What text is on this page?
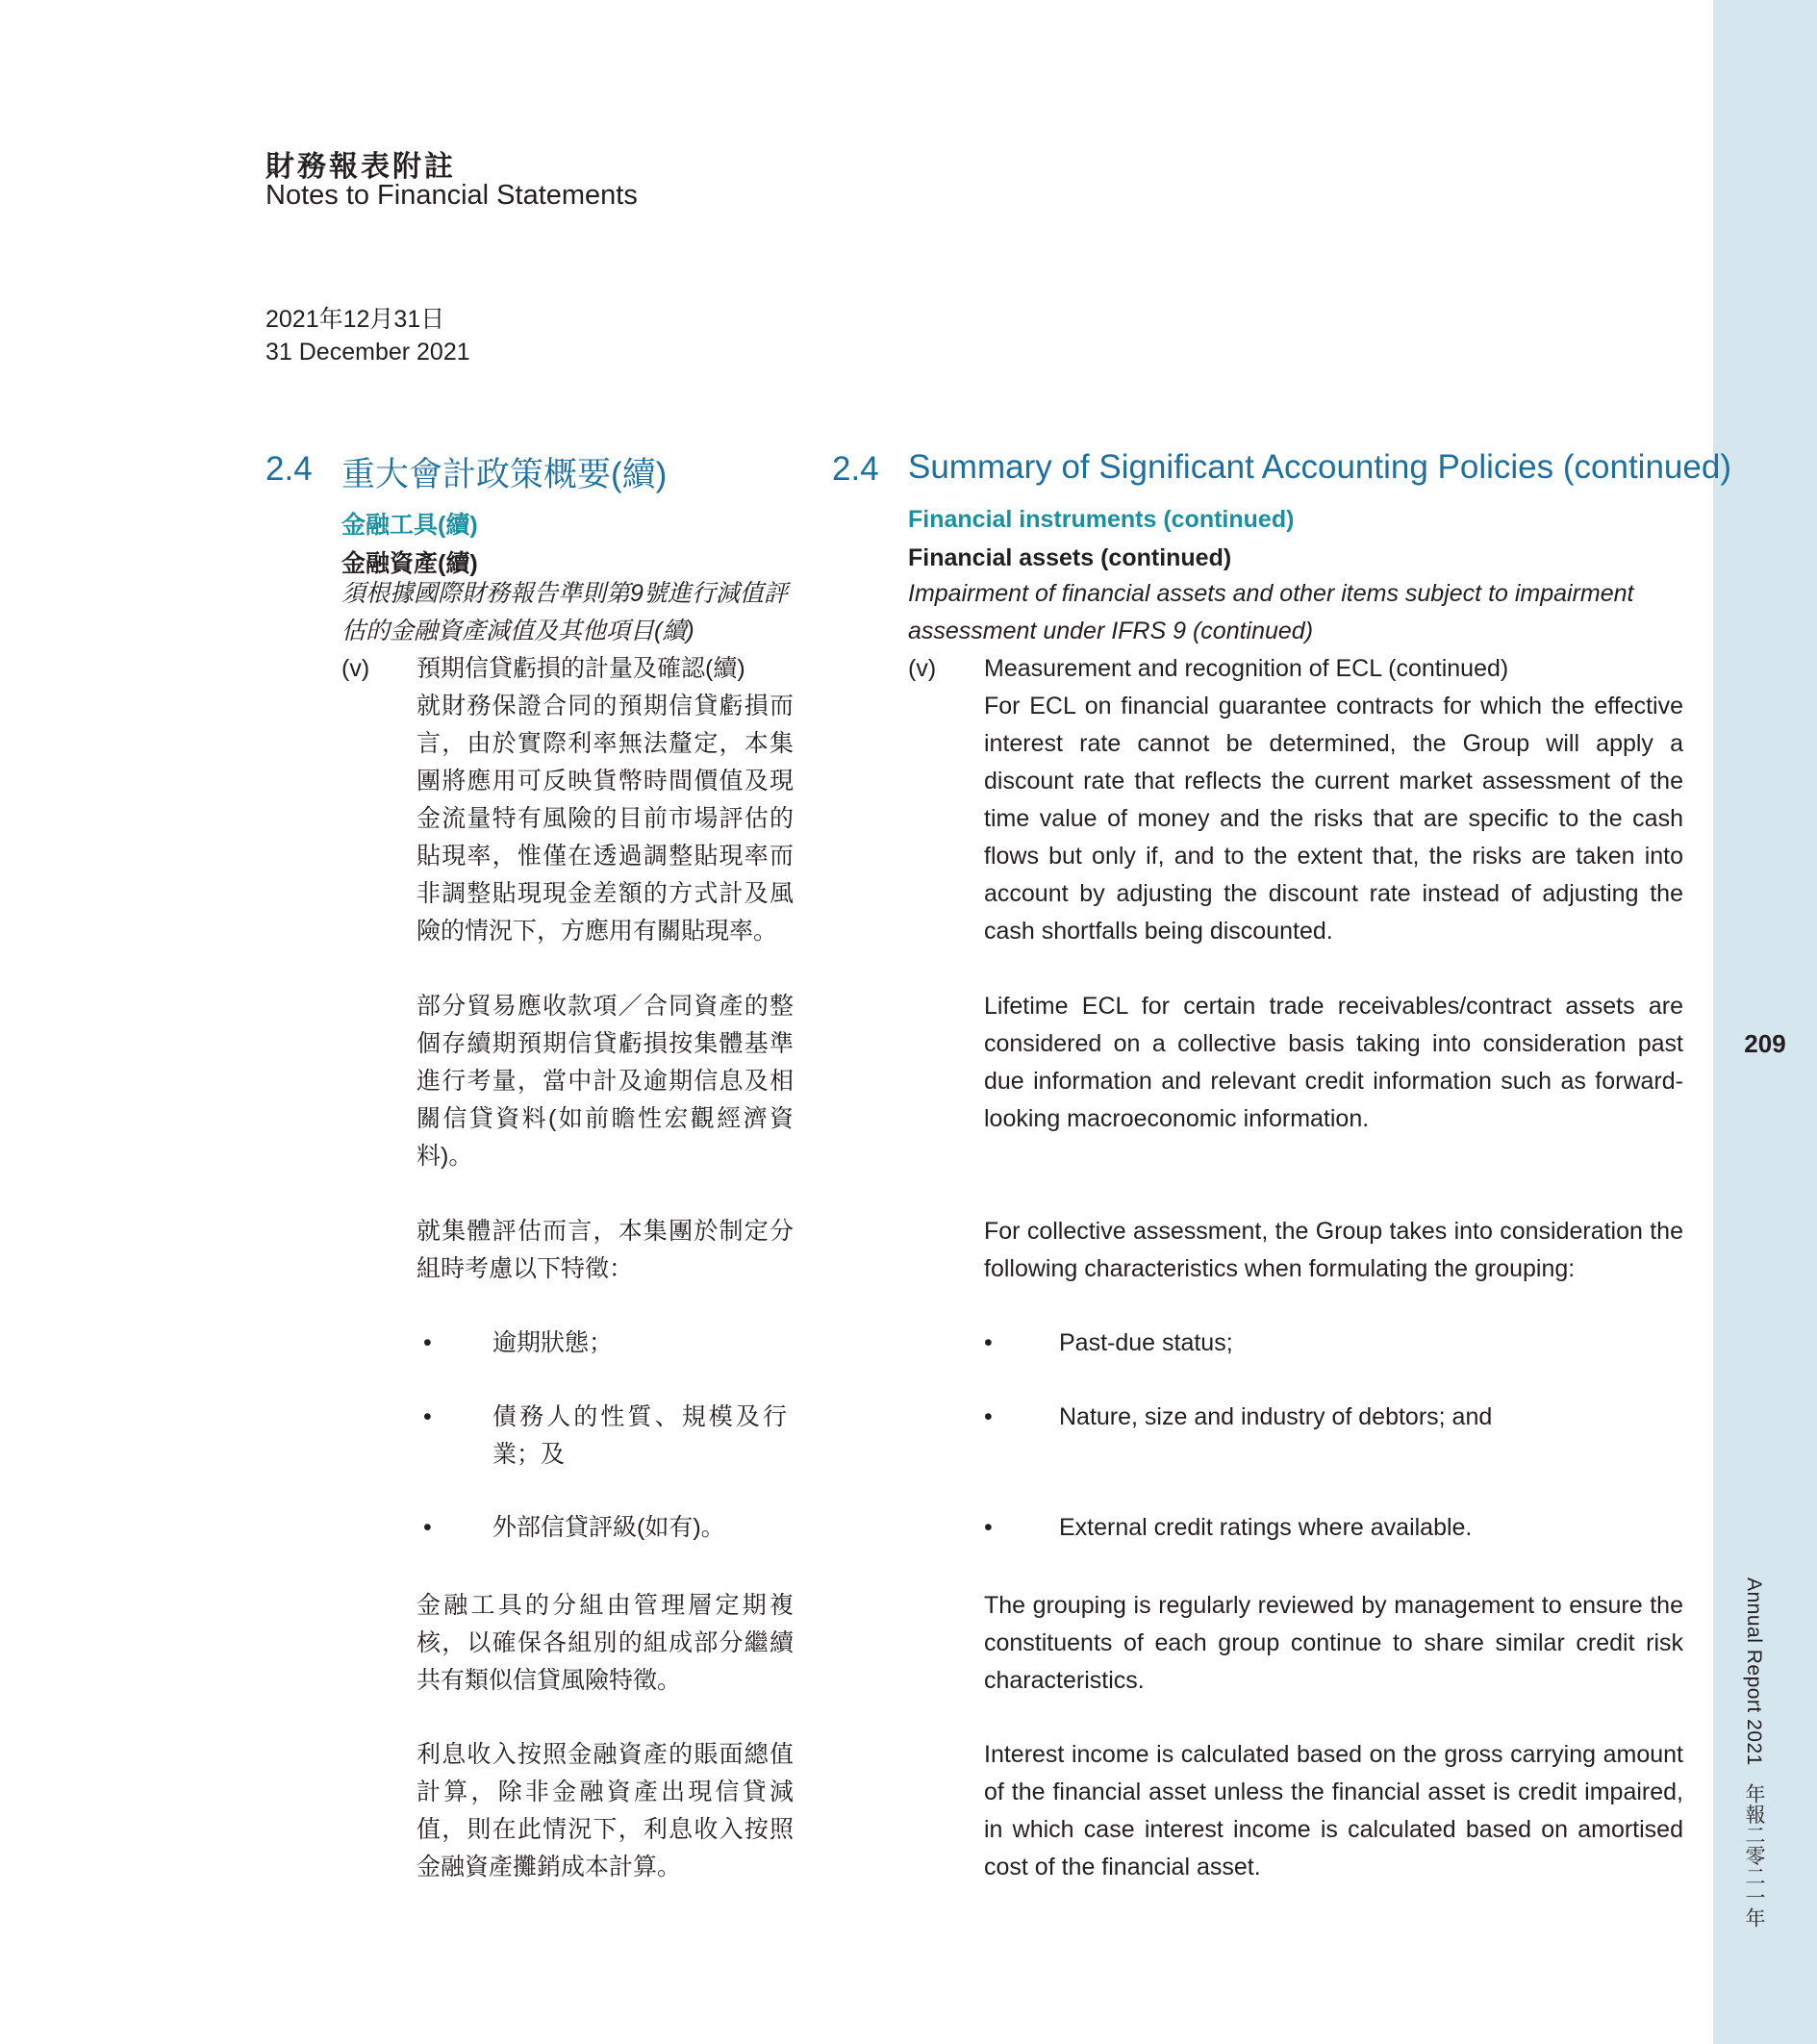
209
Annual Report 2021年報二零二一年
財務報表附註
Notes to Financial Statements
2021年12月31日
31 December 2021
2.4 重大會計政策概要(續)
金融工具(續)
金融資產(續)
須根據國際財務報告準則第9號進行減值評
估的金融資產減值及其他項目(續)
(v) 預期信貸虧損的計量及確認(續)
就財務保證合同的預期信貸虧損而言，由於實際利率無法釐定，本集團將應用可反映貨幣時間價值及現金流量特有風險的目前市場評估的貼現率，惟僅在透過調整貼現率而非調整貼現現金差額的方式計及風險的情況下，方應用有關貼現率。
部分貿易應收款項／合同資產的整個存續期預期信貸虧損按集體基準進行考量，當中計及逾期信息及相關信貸資料(如前瞻性宏觀經濟資料)。
就集體評估而言，本集團於制定分組時考慮以下特徵：
•	逾期狀態；
•	債務人的性質、規模及行業；及
•	外部信貸評級(如有)。
金融工具的分組由管理層定期複核，以確保各組別的組成部分繼續共有類似信貸風險特徵。
利息收入按照金融資產的賬面總值計算，除非金融資產出現信貸減值，則在此情況下，利息收入按照金融資產攤銷成本計算。
2.4 Summary of Significant Accounting Policies (continued)
Financial instruments (continued)
Financial assets (continued)
Impairment of financial assets and other items subject to impairment
assessment under IFRS 9 (continued)
(v) Measurement and recognition of ECL (continued)
For ECL on financial guarantee contracts for which the effective interest rate cannot be determined, the Group will apply a discount rate that reflects the current market assessment of the time value of money and the risks that are specific to the cash flows but only if, and to the extent that, the risks are taken into account by adjusting the discount rate instead of adjusting the cash shortfalls being discounted.
Lifetime ECL for certain trade receivables/contract assets are considered on a collective basis taking into consideration past due information and relevant credit information such as forward-looking macroeconomic information.
For collective assessment, the Group takes into consideration the following characteristics when formulating the grouping:
•	Past-due status;
•	Nature, size and industry of debtors; and
•	External credit ratings where available.
The grouping is regularly reviewed by management to ensure the constituents of each group continue to share similar credit risk characteristics.
Interest income is calculated based on the gross carrying amount of the financial asset unless the financial asset is credit impaired, in which case interest income is calculated based on amortised cost of the financial asset.
